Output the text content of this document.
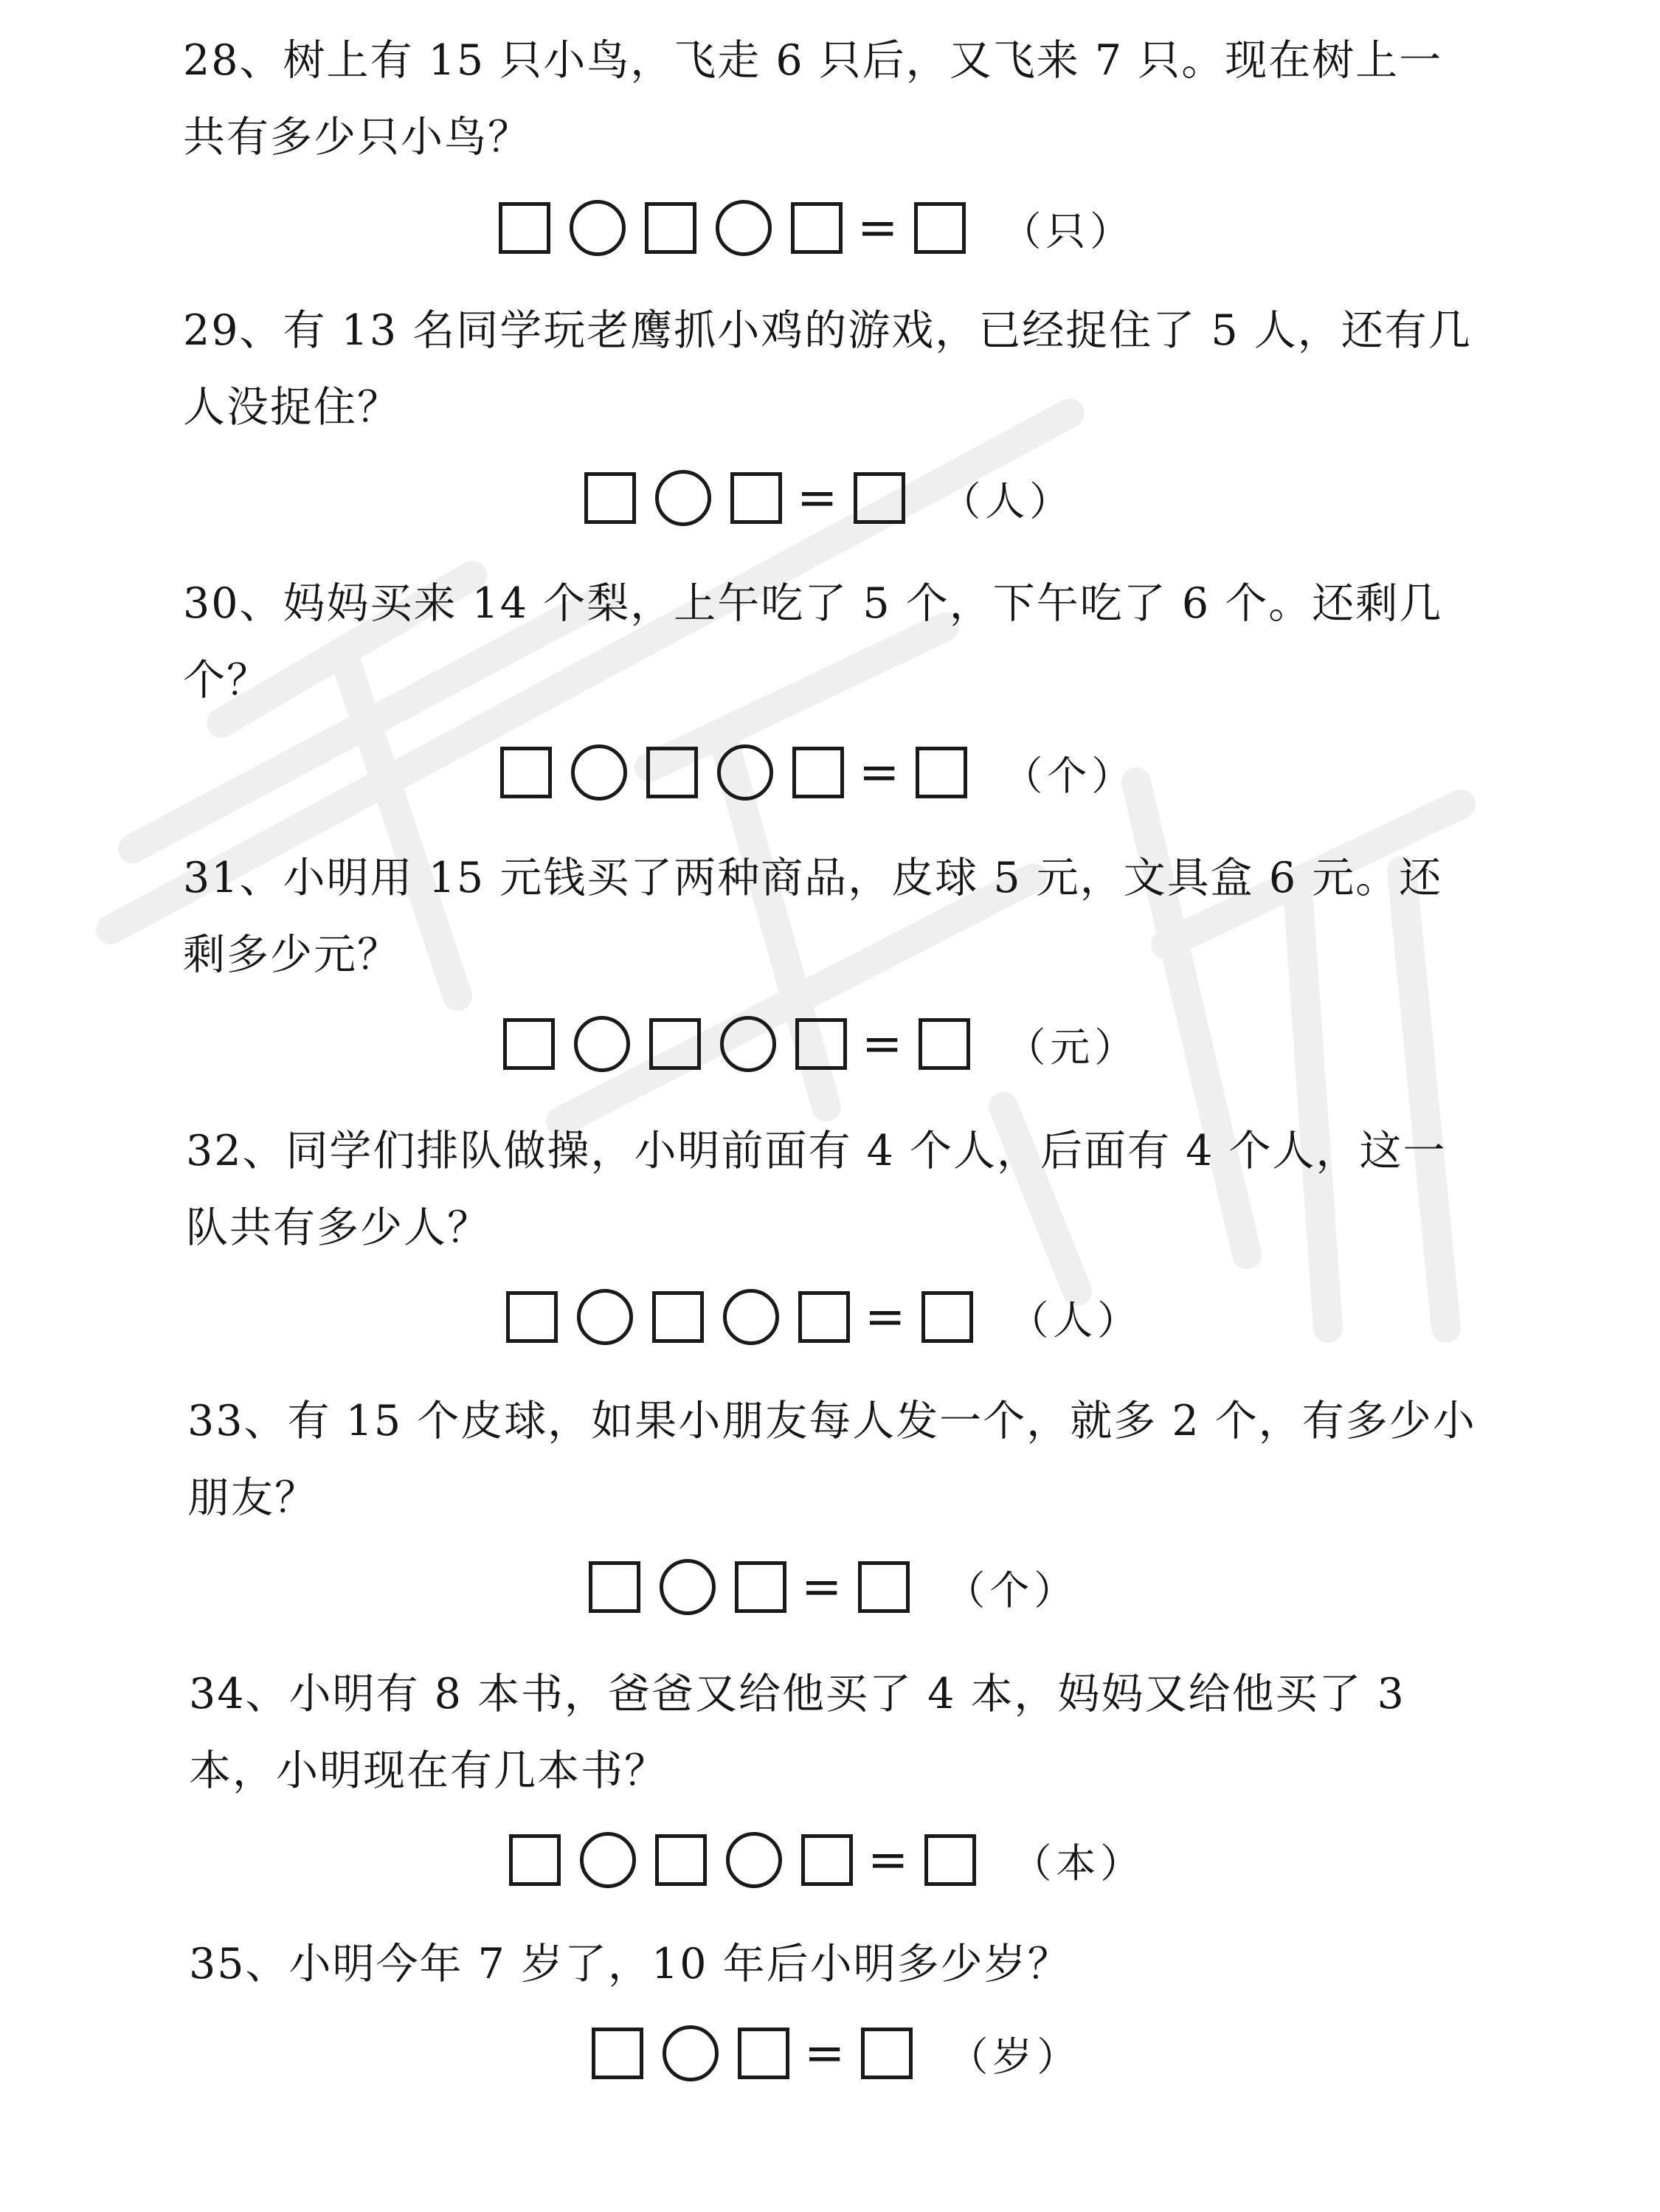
28、树上有 15 只小鸟，飞走 6 只后，又飞来 7 只。现在树上一共有多少只小鸟？

=	（只）

29、有 13 名同学玩老鹰抓小鸡的游戏，已经捉住了 5 人，还有几人没捉住？

=	（人）

30、妈妈买来 14 个梨，上午吃了 5 个，下午吃了 6 个。还剩几个？

=	（个）

31、小明用 15 元钱买了两种商品，皮球 5 元，文具盒 6 元。还剩多少元？

=	（元）

32、同学们排队做操，小明前面有 4 个人，后面有 4 个人，这一队共有多少人？

=	（人）

33、有 15 个皮球，如果小朋友每人发一个，就多 2 个，有多少小朋友？

=	（个）

34、小明有 8 本书，爸爸又给他买了 4 本，妈妈又给他买了 3 本，小明现在有几本书？

=	（本）

35、小明今年 7 岁了，10 年后小明多少岁？

=	（岁）
